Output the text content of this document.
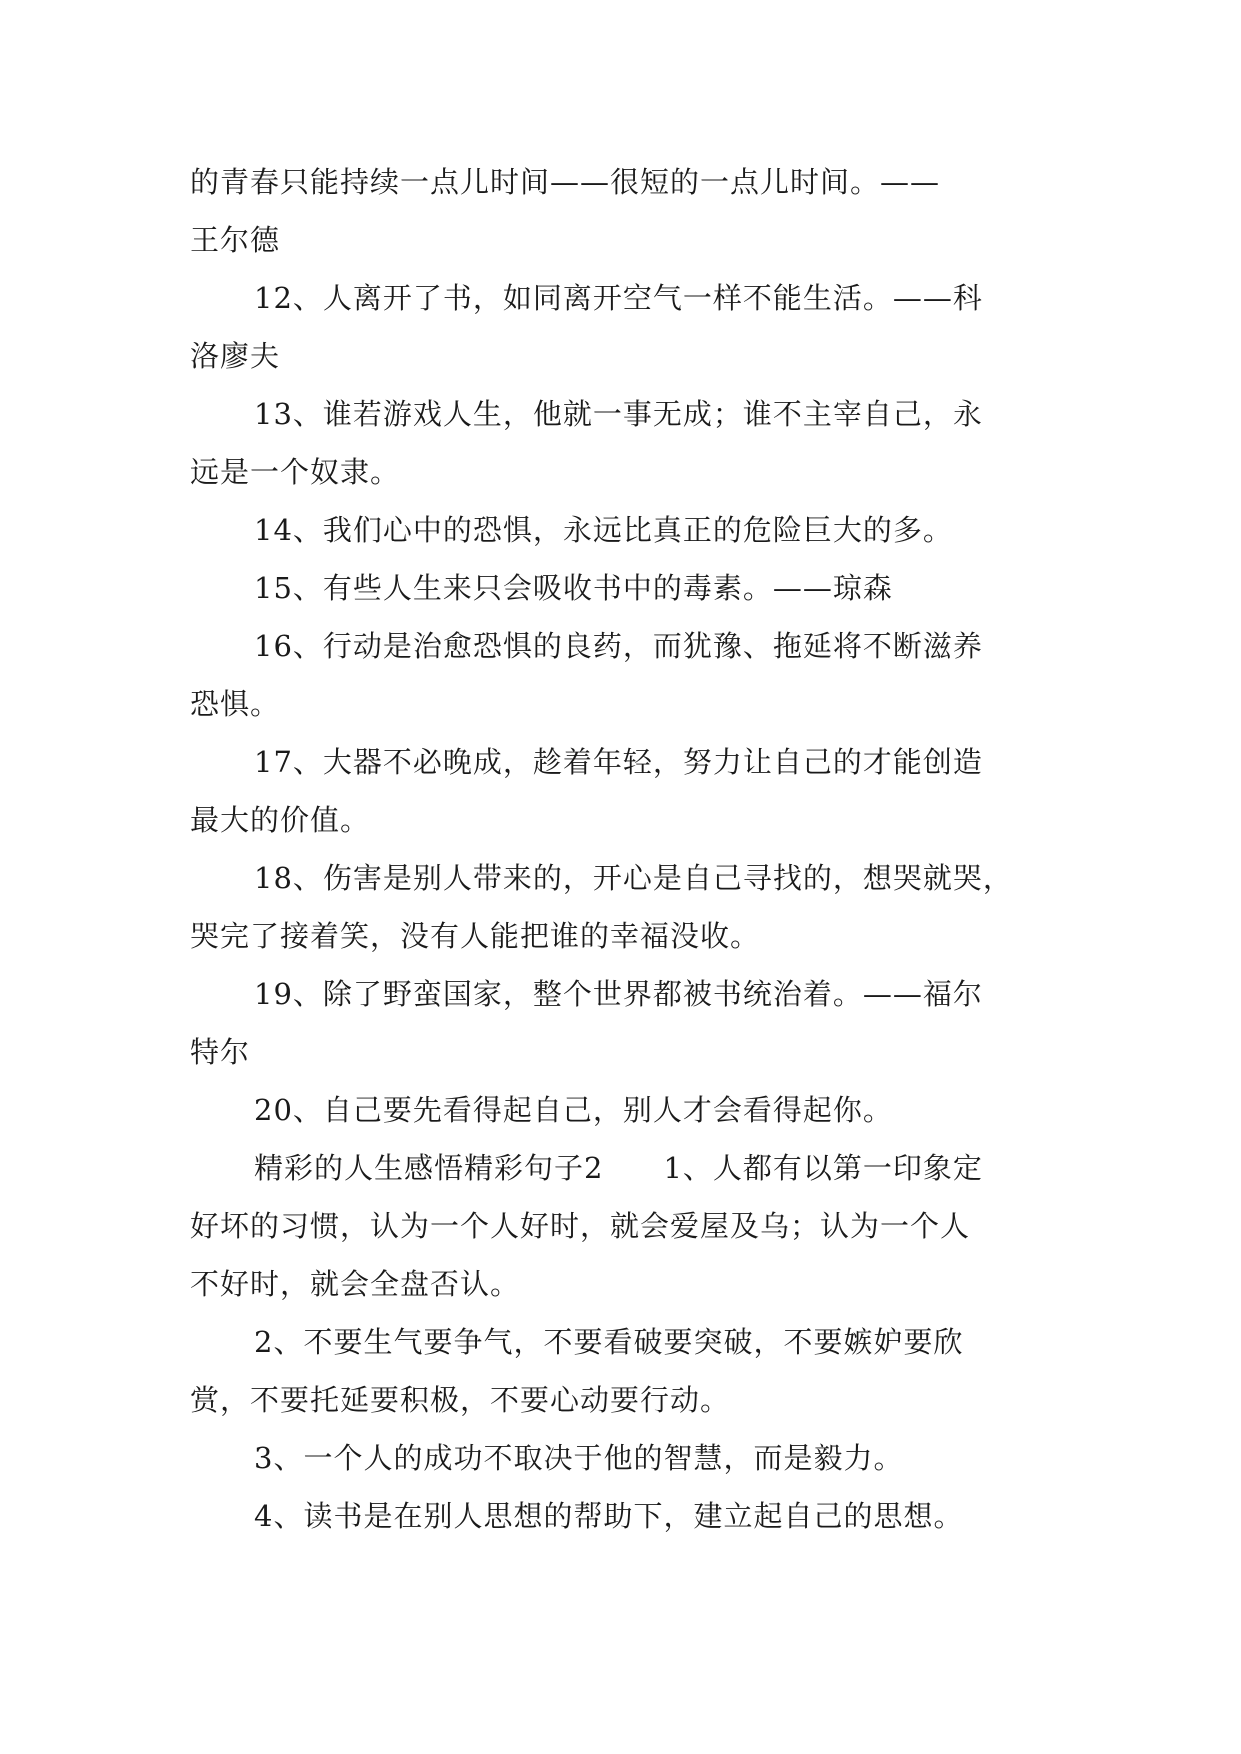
的青春只能持续一点儿时间——很短的一点儿时间。——
王尔德
12、人离开了书，如同离开空气一样不能生活。——科
洛廖夫
13、谁若游戏人生，他就一事无成；谁不主宰自己，永
远是一个奴隶。
14、我们心中的恐惧，永远比真正的危险巨大的多。
15、有些人生来只会吸收书中的毒素。——琼森
16、行动是治愈恐惧的良药，而犹豫、拖延将不断滋养
恐惧。
17、大器不必晚成，趁着年轻，努力让自己的才能创造
最大的价值。
18、伤害是别人带来的，开心是自己寻找的，想哭就哭，
哭完了接着笑，没有人能把谁的幸福没收。
19、除了野蛮国家，整个世界都被书统治着。——福尔
特尔
20、自己要先看得起自己，别人才会看得起你。
精彩的人生感悟精彩句子2　　1、人都有以第一印象定
好坏的习惯，认为一个人好时，就会爱屋及乌；认为一个人
不好时，就会全盘否认。
2、不要生气要争气，不要看破要突破，不要嫉妒要欣
赏，不要托延要积极，不要心动要行动。
3、一个人的成功不取决于他的智慧，而是毅力。
4、读书是在别人思想的帮助下，建立起自己的思想。
